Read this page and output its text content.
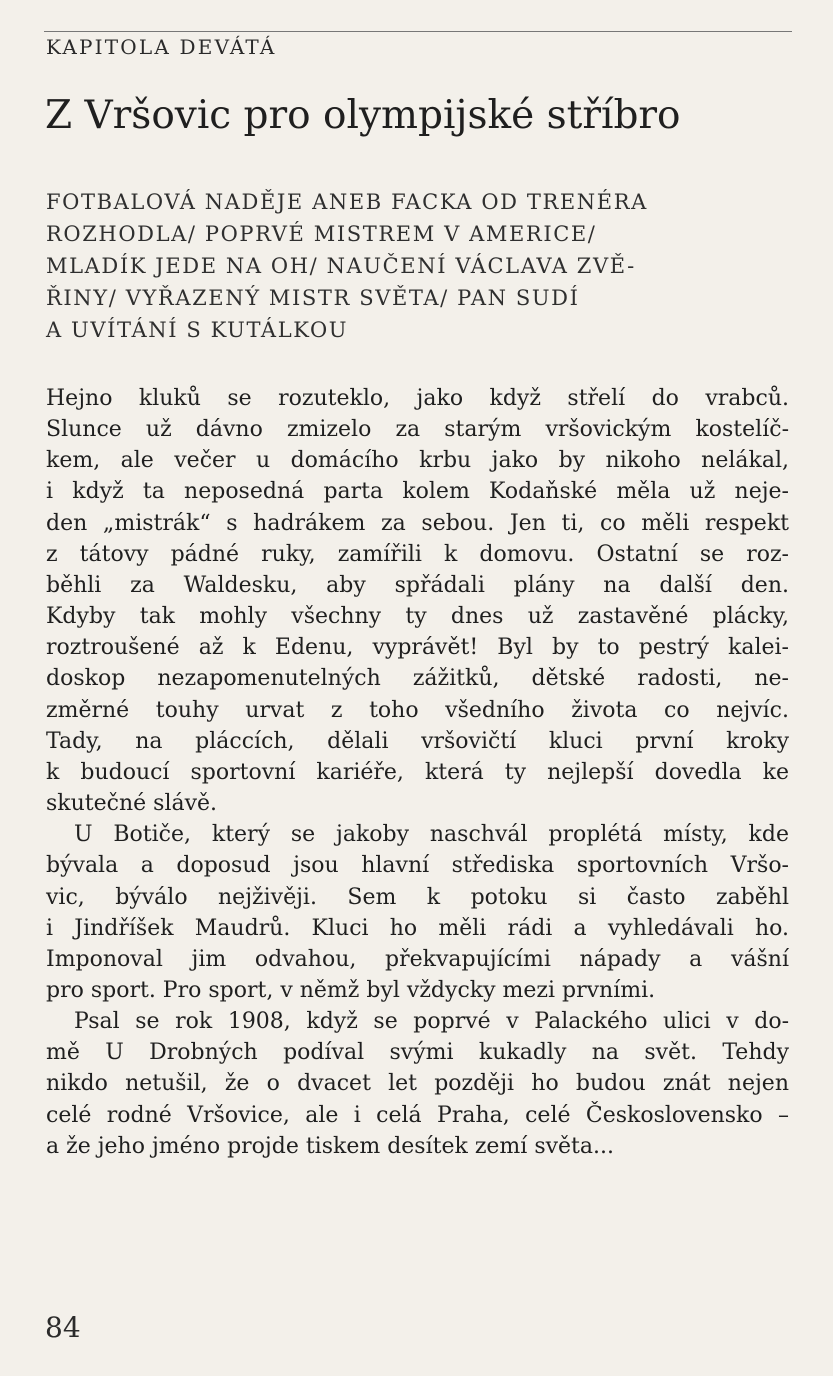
KAPITOLA DEVÁTÁ
Z Vršovic pro olympijské stříbro
FOTBALOVÁ NADĚJE ANEB FACKA OD TRENÉRA
ROZHODLA/ POPRVÉ MISTREM V AMERICE/
MLADÍK JEDE NA OH/ NAUČENÍ VÁCLAVA ZVĚ-
ŘINY/ VYŘAZENÝ MISTR SVĚTA/ PAN SUDÍ
A UVÍTÁNÍ S KUTÁLKOU

Hejno kluků se rozuteklo, jako když střelí do vrabců.
Slunce už dávno zmizelo za starým vršovickým kostelíč-
kem, ale večer u domácího krbu jako by nikoho nelákal,
i když ta neposedná parta kolem Kodaňské měla už neje-
den „mistrák“ s hadrákem za sebou. Jen ti, co měli respekt
z tátovy pádné ruky, zamířili k domovu. Ostatní se roz-
běhli za Waldesku, aby spřádali plány na další den.
Kdyby tak mohly všechny ty dnes už zastavěné plácky,
roztroušené až k Edenu, vyprávět! Byl by to pestrý kalei-
doskop nezapomenutelných zážitků, dětské radosti, ne-
změrné touhy urvat z toho všedního života co nejvíc.
Tady, na pláccích, dělali vršovičtí kluci první kroky
k budoucí sportovní kariéře, která ty nejlepší dovedla ke
skutečné slávě.

U Botiče, který se jakoby naschvál proplétá místy, kde
bývala a doposud jsou hlavní střediska sportovních Vršo-
vic, býválo nejživěji. Sem k potoku si často zaběhl
i Jindříšek Maudrů. Kluci ho měli rádi a vyhledávali ho.
Imponoval jim odvahou, překvapujícími nápady a vášní
pro sport. Pro sport, v němž byl vždycky mezi prvními.

Psal se rok 1908, když se poprvé v Palackého ulici v do-
mě U Drobných podíval svými kukadly na svět. Tehdy
nikdo netušil, že o dvacet let později ho budou znát nejen
celé rodné Vršovice, ale i celá Praha, celé Československo –
a že jeho jméno projde tiskem desítek zemí světa...

84
